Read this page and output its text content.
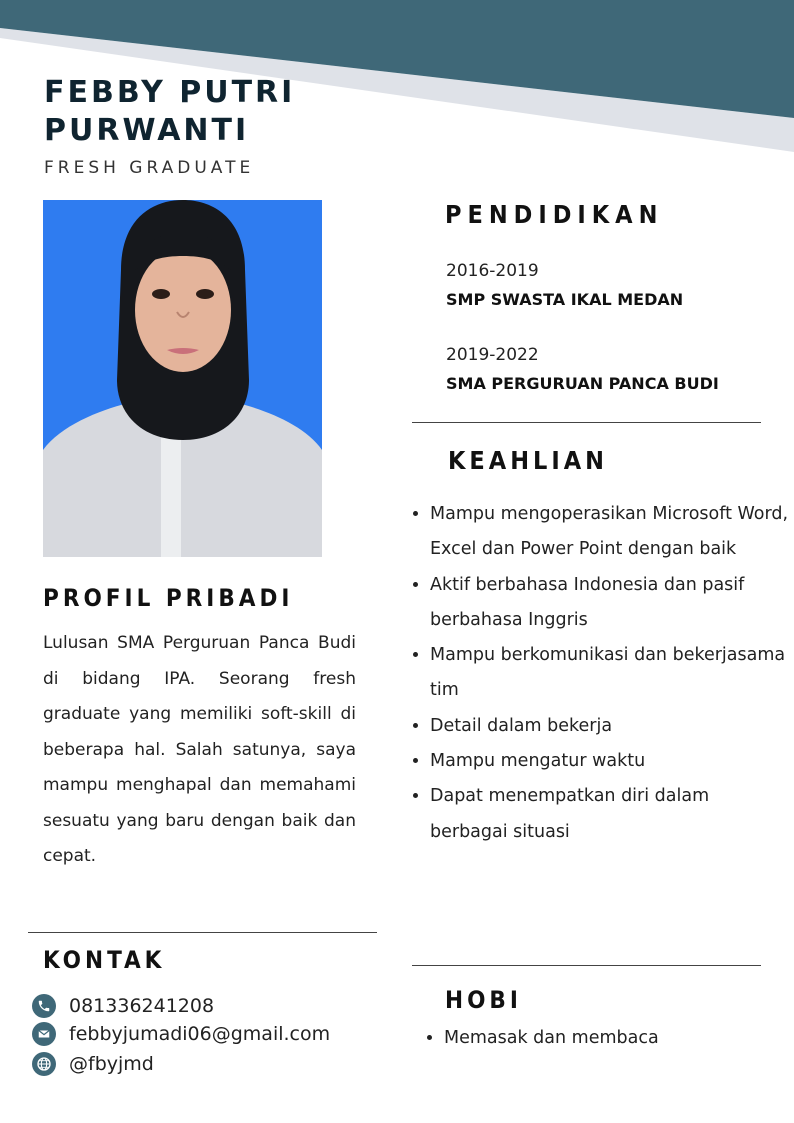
FEBBY PUTRI
PURWANTI
FRESH GRADUATE
PROFIL PRIBADI

Lulusan SMA Perguruan Panca Budi di bidang IPA. Seorang fresh graduate yang memiliki soft-skill di beberapa hal. Salah satunya, saya mampu menghapal dan memahami sesuatu yang baru dengan baik dan cepat.

KONTAK
081336241208
febbyjumadi06@gmail.com
@fbyjmd
PENDIDIKAN
2016-2019
SMP SWASTA IKAL MEDAN
2019-2022
SMA PERGURUAN PANCA BUDI
KEAHLIAN
• Mampu mengoperasikan Microsoft Word, Excel dan Power Point dengan baik
• Aktif berbahasa Indonesia dan pasif berbahasa Inggris
• Mampu berkomunikasi dan bekerjasama tim
• Detail dalam bekerja
• Mampu mengatur waktu
• Dapat menempatkan diri dalam berbagai situasi
HOBI
• Memasak dan membaca
